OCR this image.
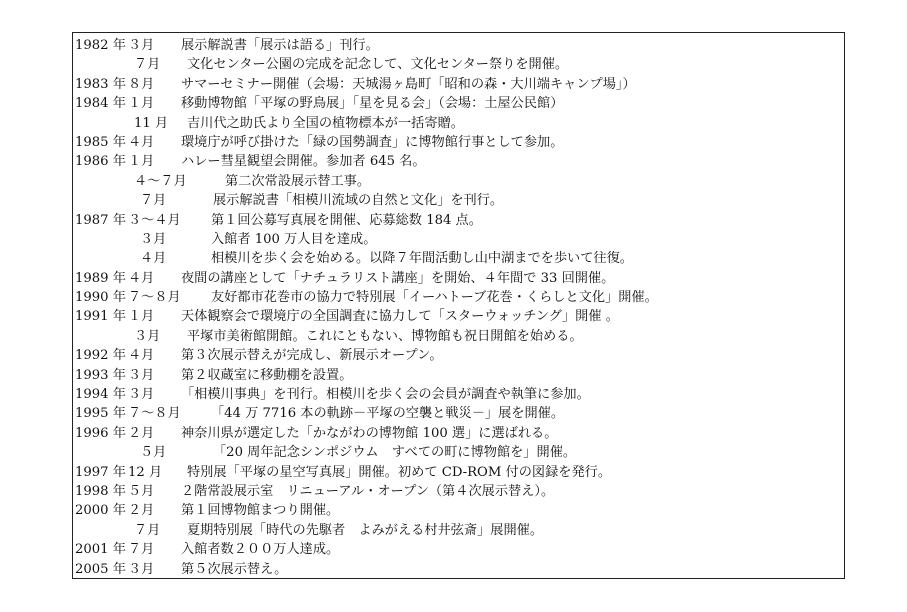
1982 年 ３月 展示解説書「展示は語る」刊行。
７月 文化センター公園の完成を記念して、文化センター祭りを開催。
1983 年 ８月 サマーセミナー開催（会場：天城湯ヶ島町「昭和の森・大川端キャンプ場」）
1984 年 １月 移動博物館「平塚の野鳥展」「星を見る会」（会場：土屋公民館）
11 月 吉川代之助氏より全国の植物標本が一括寄贈。
1985 年 ４月 環境庁が呼び掛けた「緑の国勢調査」に博物館行事として参加。
1986 年 １月 ハレー彗星観望会開催。参加者 645 名。
４～７月	第二次常設展示替工事。
７月	展示解説書「相模川流域の自然と文化」を刊行。
1987 年 ３～４月 第１回公募写真展を開催、応募総数 184 点。
３月	入館者 100 万人目を達成。
４月	相模川を歩く会を始める。以降７年間活動し山中湖までを歩いて往復。
1989 年 ４月 夜間の講座として「ナチュラリスト講座」を開始、４年間で 33 回開催。
1990 年 ７～８月 友好都市花巻市の協力で特別展「イーハトーブ花巻・くらしと文化」開催。
1991 年 １月 天体観察会で環境庁の全国調査に協力して「スターウォッチング」開催 。
３月 平塚市美術館開館。これにともない、博物館も祝日開館を始める。
1992 年 ４月 第３次展示替えが完成し、新展示オープン。
1993 年 ３月 第２収蔵室に移動棚を設置。
1994 年 ３月 「相模川事典」を刊行。相模川を歩く会の会員が調査や執筆に参加。
1995 年 ７～８月 「44 万 7716 本の軌跡－平塚の空襲と戦災－」展を開催。
1996 年 ２月 神奈川県が選定した「かながわの博物館 100 選」に選ばれる。
５月	「20 周年記念シンポジウム　すべての町に博物館を」開催。
1997 年 12 月 特別展「平塚の星空写真展」開催。初めて CD-ROM 付の図録を発行。
1998 年 ５月 ２階常設展示室　リニューアル・オープン（第４次展示替え）。
2000 年 ２月 第１回博物館まつり開催。
７月 夏期特別展「時代の先駆者　よみがえる村井弦斎」展開催。
2001 年 ７月 入館者数２００万人達成。
2005 年 ３月 第５次展示替え。
